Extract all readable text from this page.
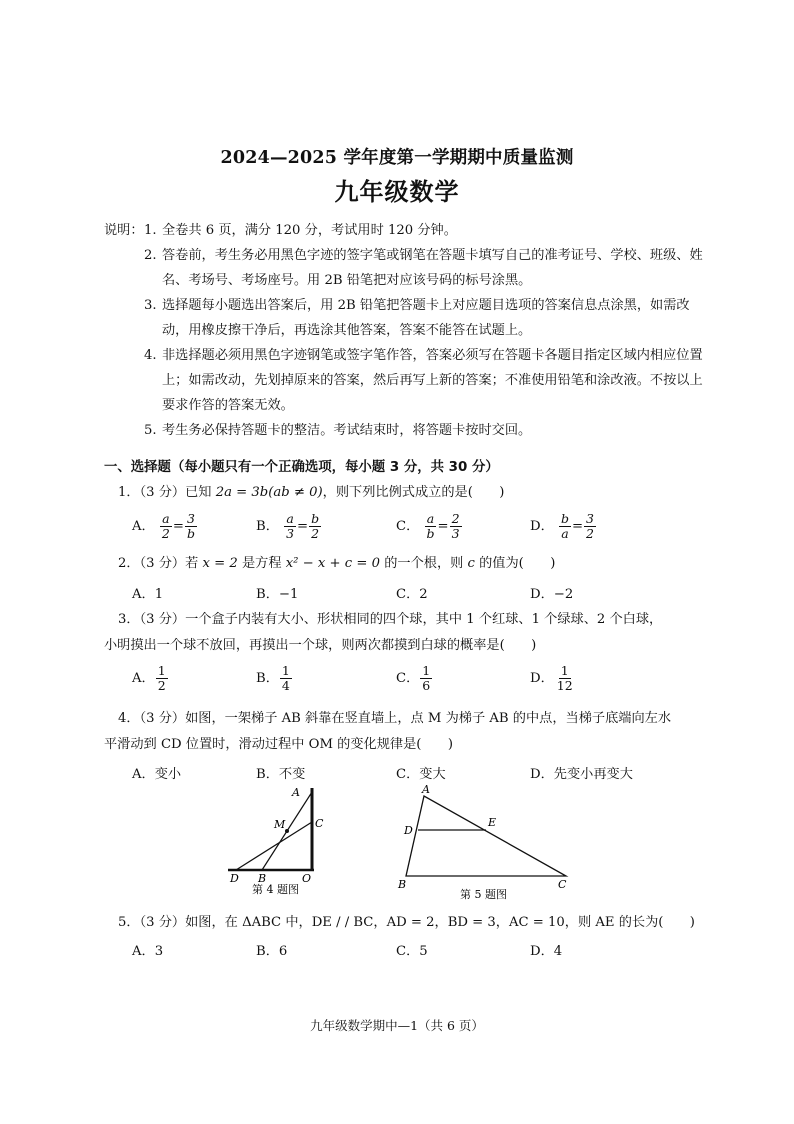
2024—2025 学年度第一学期期中质量监测
九年级数学
说明： 1. 全卷共 6 页，满分 120 分，考试用时 120 分钟。
2. 答卷前，考生务必用黑色字迹的签字笔或钢笔在答题卡填写自己的准考证号、学校、班级、姓名、考场号、考场座号。用 2B 铅笔把对应该号码的标号涂黑。
3. 选择题每小题选出答案后，用 2B 铅笔把答题卡上对应题目选项的答案信息点涂黑，如需改动，用橡皮擦干净后，再选涂其他答案，答案不能答在试题上。
4. 非选择题必须用黑色字迹钢笔或签字笔作答，答案必须写在答题卡各题目指定区域内相应位置上；如需改动，先划掉原来的答案，然后再写上新的答案；不准使用铅笔和涂改液。不按以上要求作答的答案无效。
5. 考生务必保持答题卡的整洁。考试结束时，将答题卡按时交回。
一、选择题（每小题只有一个正确选项，每小题 3 分，共 30 分）
1．（3 分）已知 2a = 3b(ab ≠ 0)，则下列比例式成立的是(　　)
A． $\frac{a}{2} = \frac{3}{b}$	B． $\frac{a}{3} = \frac{b}{2}$	C． $\frac{a}{b} = \frac{2}{3}$	D． $\frac{b}{a} = \frac{3}{2}$
2．（3 分）若 x = 2 是方程 x² − x + c = 0 的一个根，则 c 的值为(　　)
A．1	B．−1	C．2	D．−2
3．（3 分）一个盒子内装有大小、形状相同的四个球，其中 1 个红球、1 个绿球、2 个白球，
小明摸出一个球不放回，再摸出一个球，则两次都摸到白球的概率是(　　)
A． $\frac{1}{2}$	B． $\frac{1}{4}$	C． $\frac{1}{6}$	D． $\frac{1}{12}$
4．（3 分）如图，一架梯子 AB 斜靠在竖直墙上，点 M 为梯子 AB 的中点，当梯子底端向左水
平滑动到 CD 位置时，滑动过程中 OM 的变化规律是(　　)
A．变小	B．不变	C．变大	D．先变小再变大
A
M	C
D B	O
第 4 题图
A
D
E
B	C
第 5 题图
5．（3 分）如图，在 ΔABC 中，DE / / BC，AD = 2，BD = 3，AC = 10，则 AE 的长为(　　)
A．3	B．6	C．5	D．4
九年级数学期中—1（共 6 页）
